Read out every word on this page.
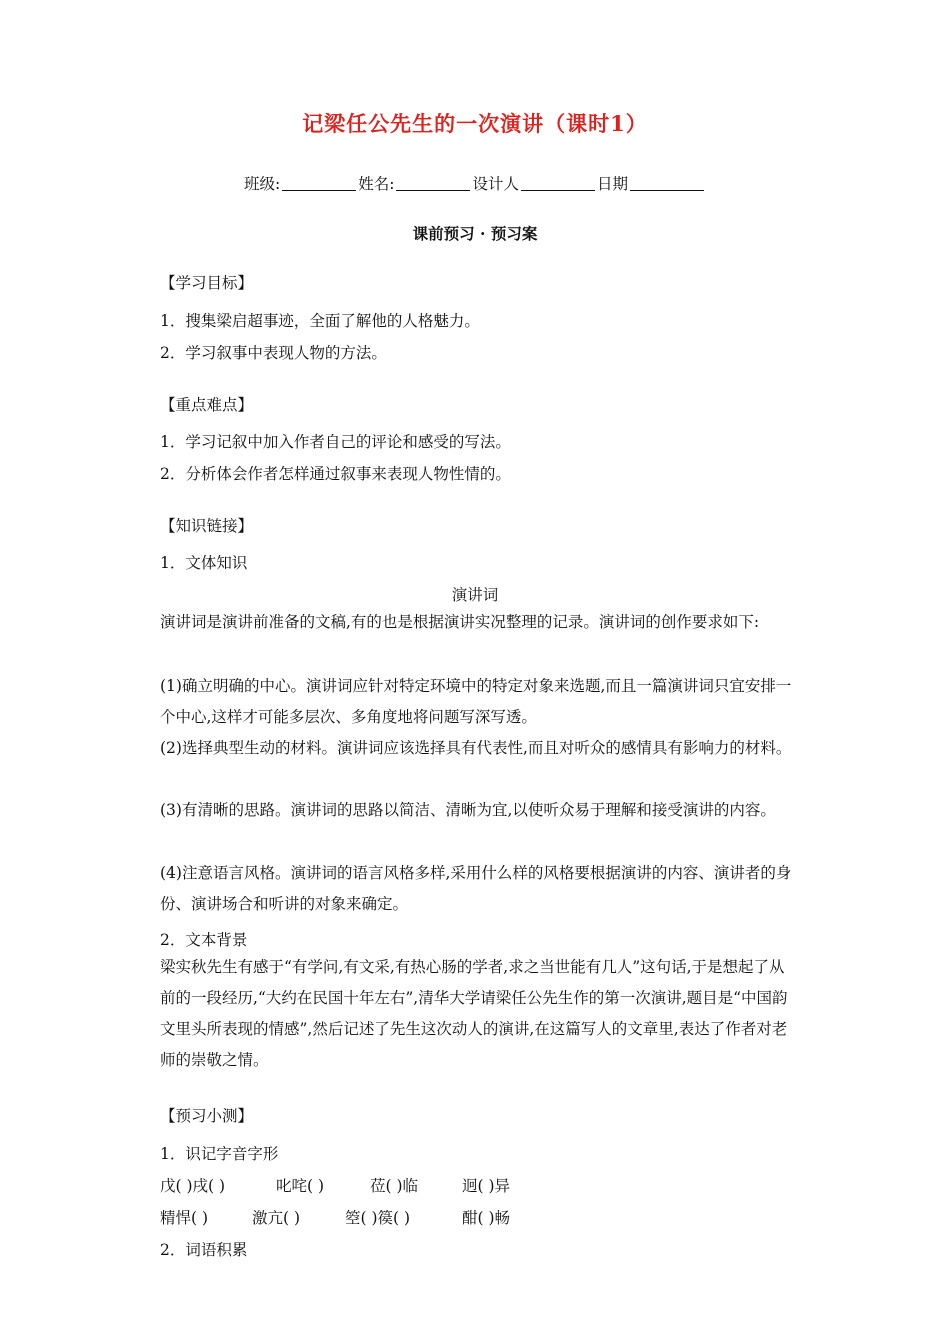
记梁任公先生的一次演讲（课时1）
班级:	姓名:	设计人	日期
课前预习 · 预习案
【学习目标】
1．搜集梁启超事迹，全面了解他的人格魅力。
2．学习叙事中表现人物的方法。
【重点难点】
1．学习记叙中加入作者自己的评论和感受的写法。
2．分析体会作者怎样通过叙事来表现人物性情的。
【知识链接】
1．文体知识
演讲词
演讲词是演讲前准备的文稿,有的也是根据演讲实况整理的记录。演讲词的创作要求如下:
(1)确立明确的中心。演讲词应针对特定环境中的特定对象来选题,而且一篇演讲词只宜安排一个中心,这样才可能多层次、多角度地将问题写深写透。
(2)选择典型生动的材料。演讲词应该选择具有代表性,而且对听众的感情具有影响力的材料。
(3)有清晰的思路。演讲词的思路以简洁、清晰为宜,以使听众易于理解和接受演讲的内容。
(4)注意语言风格。演讲词的语言风格多样,采用什么样的风格要根据演讲的内容、演讲者的身份、演讲场合和听讲的对象来确定。
2．文本背景
梁实秋先生有感于“有学问,有文采,有热心肠的学者,求之当世能有几人”这句话,于是想起了从前的一段经历,“大约在民国十年左右”,清华大学请梁任公先生作的第一次演讲,题目是“中国韵文里头所表现的情感”,然后记述了先生这次动人的演讲,在这篇写人的文章里,表达了作者对老师的崇敬之情。
【预习小测】
1．识记字音字形
戊( )戌( )	叱咤( )	莅( )临	迥( )异
精悍( )	激亢( )	箜( )篌( )	酣( )畅
2．词语积累
